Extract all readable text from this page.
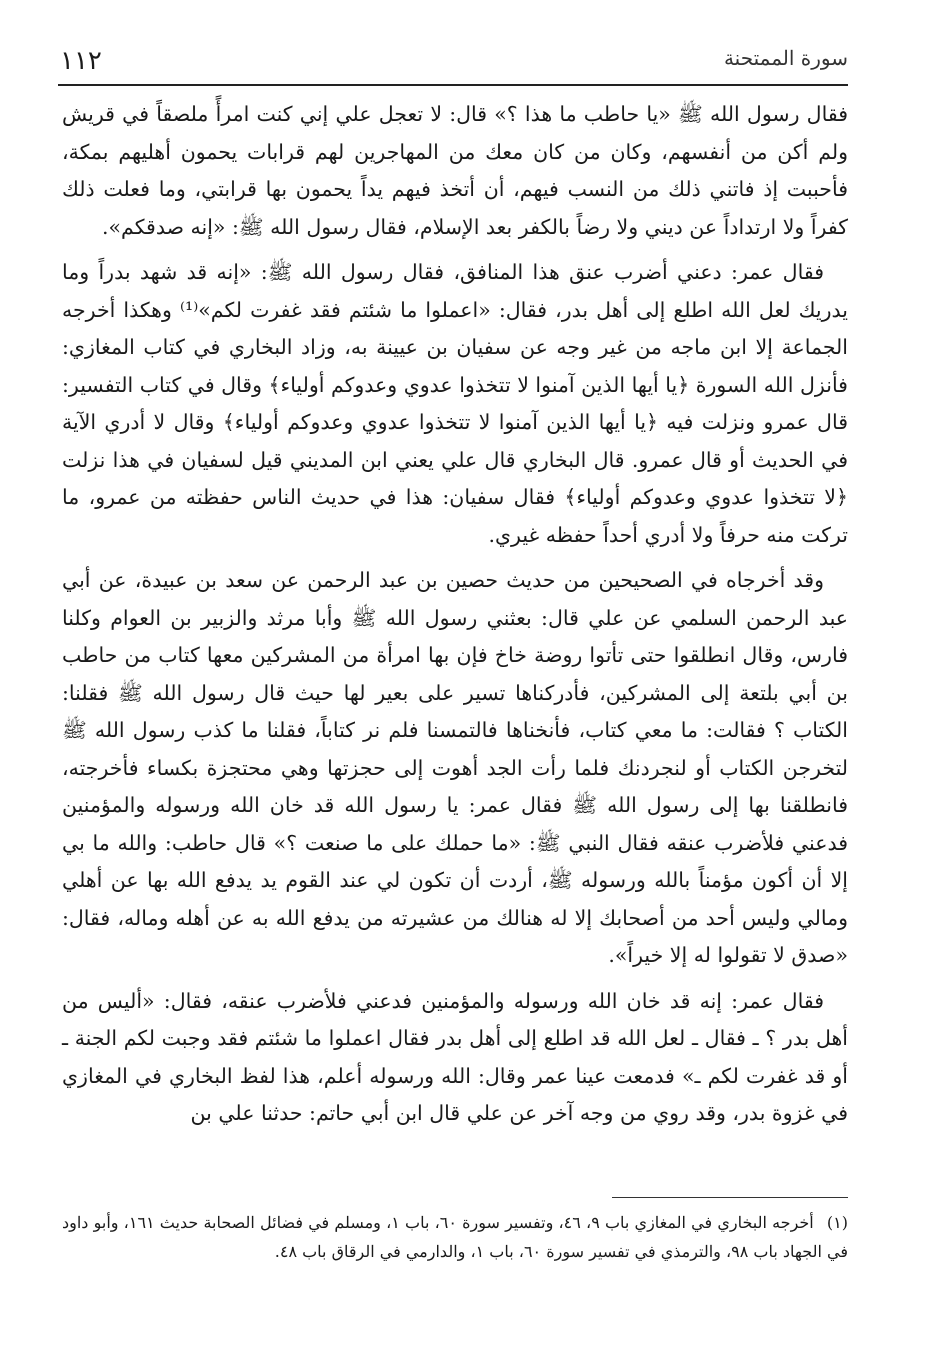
١١٢	سورة الممتحنة

فقال رسول الله ﷺ «يا حاطب ما هذا ؟» قال: لا تعجل علي إني كنت امرأً ملصقاً في قريش ولم أكن من أنفسهم، وكان من كان معك من المهاجرين لهم قرابات يحمون أهليهم بمكة، فأحببت إذ فاتني ذلك من النسب فيهم، أن أتخذ فيهم يداً يحمون بها قرابتي، وما فعلت ذلك كفراً ولا ارتداداً عن ديني ولا رضاً بالكفر بعد الإسلام، فقال رسول الله ﷺ: «إنه صدقكم».

فقال عمر: دعني أضرب عنق هذا المنافق، فقال رسول الله ﷺ: «إنه قد شهد بدراً وما يدريك لعل الله اطلع إلى أهل بدر، فقال: «اعملوا ما شئتم فقد غفرت لكم»⁽¹⁾ وهكذا أخرجه الجماعة إلا ابن ماجه من غير وجه عن سفيان بن عيينة به، وزاد البخاري في كتاب المغازي: فأنزل الله السورة ﴿يا أيها الذين آمنوا لا تتخذوا عدوي وعدوكم أولياء﴾ وقال في كتاب التفسير: قال عمرو ونزلت فيه ﴿يا أيها الذين آمنوا لا تتخذوا عدوي وعدوكم أولياء﴾ وقال لا أدري الآية في الحديث أو قال عمرو. قال البخاري قال علي يعني ابن المديني قيل لسفيان في هذا نزلت ﴿لا تتخذوا عدوي وعدوكم أولياء﴾ فقال سفيان: هذا في حديث الناس حفظته من عمرو، ما تركت منه حرفاً ولا أدري أحداً حفظه غيري.

وقد أخرجاه في الصحيحين من حديث حصين بن عبد الرحمن عن سعد بن عبيدة، عن أبي عبد الرحمن السلمي عن علي قال: بعثني رسول الله ﷺ وأبا مرثد والزبير بن العوام وكلنا فارس، وقال انطلقوا حتى تأتوا روضة خاخ فإن بها امرأة من المشركين معها كتاب من حاطب بن أبي بلتعة إلى المشركين، فأدركناها تسير على بعير لها حيث قال رسول الله ﷺ فقلنا: الكتاب ؟ فقالت: ما معي كتاب، فأنخناها فالتمسنا فلم نر كتاباً، فقلنا ما كذب رسول الله ﷺ لتخرجن الكتاب أو لنجردنك فلما رأت الجد أهوت إلى حجزتها وهي محتجزة بكساء فأخرجته، فانطلقنا بها إلى رسول الله ﷺ فقال عمر: يا رسول الله قد خان الله ورسوله والمؤمنين فدعني فلأضرب عنقه فقال النبي ﷺ: «ما حملك على ما صنعت ؟» قال حاطب: والله ما بي إلا أن أكون مؤمناً بالله ورسوله ﷺ، أردت أن تكون لي عند القوم يد يدفع الله بها عن أهلي ومالي وليس أحد من أصحابك إلا له هنالك من عشيرته من يدفع الله به عن أهله وماله، فقال: «صدق لا تقولوا له إلا خيراً».

فقال عمر: إنه قد خان الله ورسوله والمؤمنين فدعني فلأضرب عنقه، فقال: «أليس من أهل بدر ؟ ـ فقال ـ لعل الله قد اطلع إلى أهل بدر فقال اعملوا ما شئتم فقد وجبت لكم الجنة ـ أو قد غفرت لكم ـ» فدمعت عينا عمر وقال: الله ورسوله أعلم، هذا لفظ البخاري في المغازي في غزوة بدر، وقد روي من وجه آخر عن علي قال ابن أبي حاتم: حدثنا علي بن

(١) أخرجه البخاري في المغازي باب ٩، ٤٦، وتفسير سورة ٦٠، باب ١، ومسلم في فضائل الصحابة حديث ١٦١، وأبو داود في الجهاد باب ٩٨، والترمذي في تفسير سورة ٦٠، باب ١، والدارمي في الرقاق باب ٤٨.
